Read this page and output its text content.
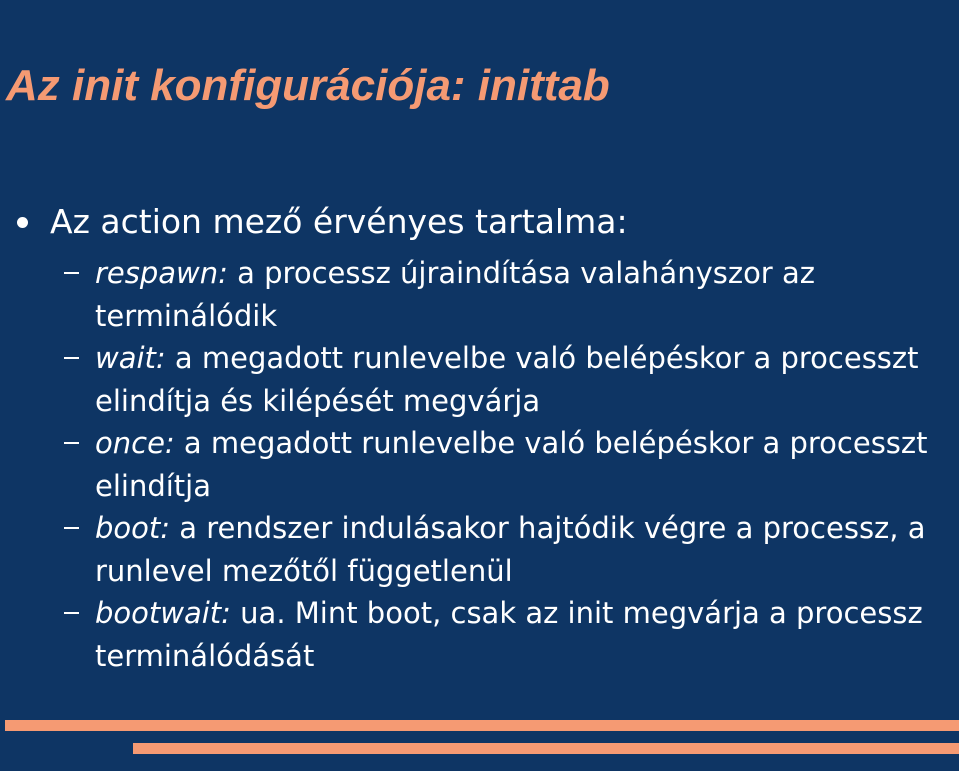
Az init konfigurációja: inittab
Az action mező érvényes tartalma:
respawn: a processz újraindítása valahányszor az terminálódik
wait: a megadott runlevelbe való belépéskor a processzt elindítja és kilépését megvárja
once: a megadott runlevelbe való belépéskor a processzt elindítja
boot: a rendszer indulásakor hajtódik végre a processz, a runlevel mezőtől függetlenül
bootwait: ua. Mint boot, csak az init megvárja a processz terminálódását
